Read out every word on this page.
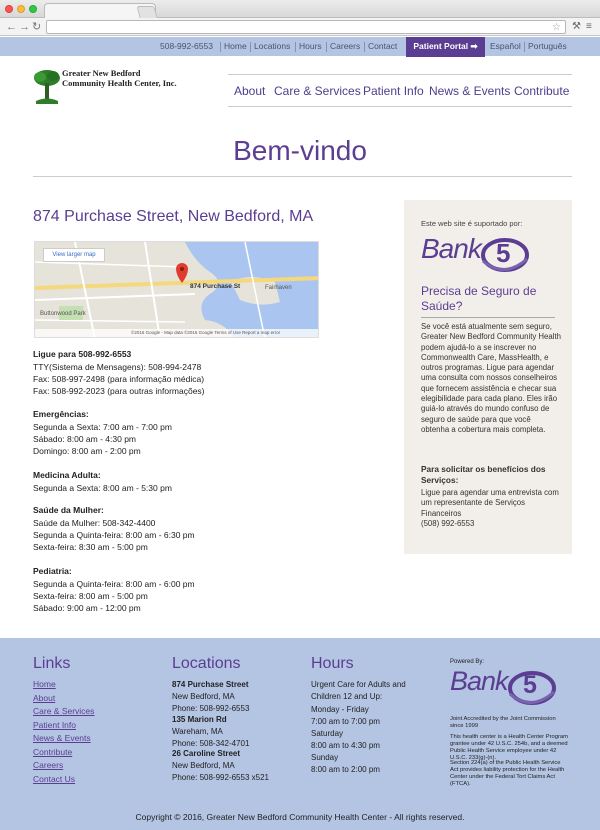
← → ↻	☆ ⚒ ≡
508-992-6553 Home Locations Hours Careers Contact	Español Português
Patient Portal ➡
Greater New Bedford
Community Health Center, Inc.
About Care & Services Patient Info News & Events Contribute
Bem-vindo
874 Purchase Street, New Bedford, MA
View larger map
874 Purchase St	Fairhaven
Buttonwood Park
©2016 Google - Map data ©2016 Google Terms of Use Report a map error
Ligue para 508-992-6553
TTY(Sistema de Mensagens): 508-994-2478
Fax: 508-997-2498 (para informação médica)
Fax: 508-992-2023 (para outras informações)
Emergências:
Segunda a Sexta: 7:00 am - 7:00 pm
Sábado: 8:00 am - 4:30 pm
Domingo: 8:00 am - 2:00 pm
Medicina Adulta:
Segunda a Sexta: 8:00 am - 5:30 pm
Saúde da Mulher:
Saúde da Mulher: 508-342-4400
Segunda a Quinta-feira: 8:00 am - 6:30 pm
Sexta-feira: 8:30 am - 5:00 pm
Pediatria:
Segunda a Quinta-feira: 8:00 am - 6:00 pm
Sexta-feira: 8:00 am - 5:00 pm
Sábado: 9:00 am - 12:00 pm
Este web site é suportado por:
Bank 5
Precisa de Seguro de Saúde?
Se você está atualmente sem seguro, Greater New Bedford Community Health podem ajudá-lo a se inscrever no Commonwealth Care, MassHealth, e outros programas. Ligue para agendar uma consulta com nossos conselheiros que fornecem assistência e checar sua elegibilidade para cada plano. Eles irão guiá-lo através do mundo confuso de seguro de saúde para que você obtenha a cobertura mais completa.
Para solicitar os benefícios dos Serviços:
Ligue para agendar uma entrevista com um representante de Serviços Financeiros
(508) 992-6553
Links
Home
About
Care & Services
Patient Info
News & Events
Contribute
Careers
Contact Us
Locations
874 Purchase Street
New Bedford, MA
Phone: 508-992-6553
135 Marion Rd
Wareham, MA
Phone: 508-342-4701
26 Caroline Street
New Bedford, MA
Phone: 508-992-6553 x521
Hours
Urgent Care for Adults and Children 12 and Up:
Monday - Friday
7:00 am to 7:00 pm
Saturday
8:00 am to 4:30 pm
Sunday
8:00 am to 2:00 pm
Powered By:
Bank 5
Joint Accredited by the Joint Commission since 1999
This health center is a Health Center Program grantee under 42 U.S.C. 254b, and a deemed Public Health Service employee under 42 U.S.C. 233(g)-(n).
Section 224(a) of the Public Health Service Act provides liability protection for the Health Center under the Federal Tort Claims Act (FTCA).
Copyright © 2016, Greater New Bedford Community Health Center - All rights reserved.
